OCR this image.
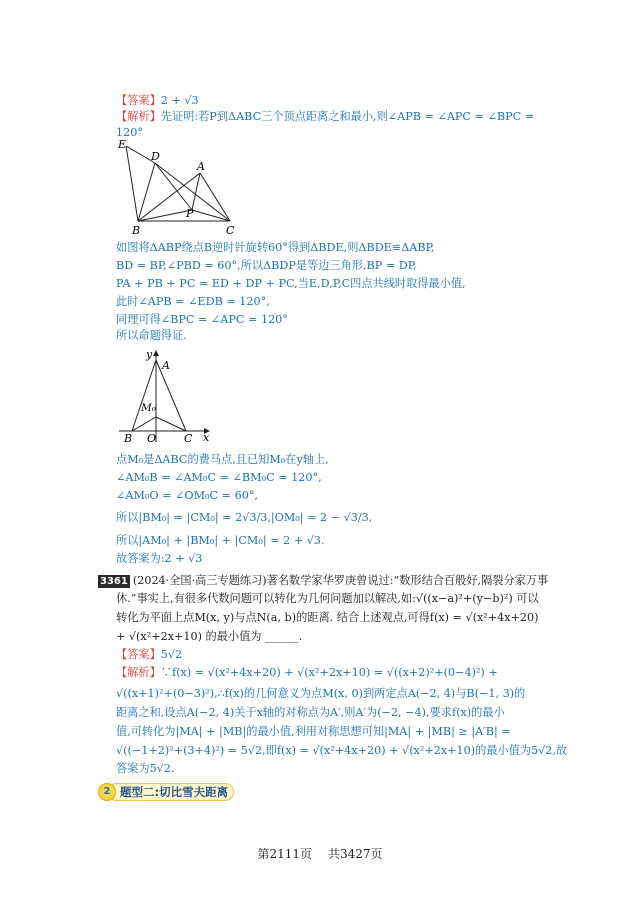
【答案】2 + √3
【解析】先证明:若P到ΔABC三个顶点距离之和最小,则∠APB = ∠APC = ∠BPC =
120°
E
D
A
P
B	C
如图将ΔABP绕点B逆时针旋转60°得到ΔBDE,则ΔBDE≌ΔABP,
BD = BP,∠PBD = 60°,所以ΔBDP是等边三角形,BP = DP,
PA + PB + PC = ED + DP + PC,当E,D,P,C四点共线时取得最小值,
此时∠APB = ∠EDB = 120°,
同理可得∠BPC = ∠APC = 120°
所以命题得证.
y
A
M₀
B O	C x
点M₀是ΔABC的费马点,且已知M₀在y轴上,
∠AM₀B = ∠AM₀C = ∠BM₀C = 120°,
∠AM₀O = ∠OM₀C = 60°,
所以|BM₀| = |CM₀| = 2√3/3,|OM₀| = 2 − √3/3,
所以|AM₀| + |BM₀| + |CM₀| = 2 + √3.
故答案为:2 + √3
3361 (2024·全国·高三专题练习)著名数学家华罗庚曾说过:“数形结合百般好,隔裂分家万事
休.”事实上,有很多代数问题可以转化为几何问题加以解决,如:√((x−a)²+(y−b)²) 可以
转化为平面上点M(x, y)与点N(a, b)的距离. 结合上述观点,可得f(x) = √(x²+4x+20)
+ √(x²+2x+10) 的最小值为 ______.
【答案】5√2
【解析】∵f(x) = √(x²+4x+20) + √(x²+2x+10) = √((x+2)²+(0−4)²) +
√((x+1)²+(0−3)²),∴f(x)的几何意义为点M(x, 0)到两定点A(−2, 4)与B(−1, 3)的
距离之和,设点A(−2, 4)关于x轴的对称点为A′,则A′为(−2, −4),要求f(x)的最小
值,可转化为|MA| + |MB|的最小值,利用对称思想可知|MA| + |MB| ≥ |A′B| =
√((−1+2)²+(3+4)²) = 5√2,即f(x) = √(x²+4x+20) + √(x²+2x+10)的最小值为5√2,故
答案为5√2.
2 题型二:切比雪夫距离
第2111页 共3427页
